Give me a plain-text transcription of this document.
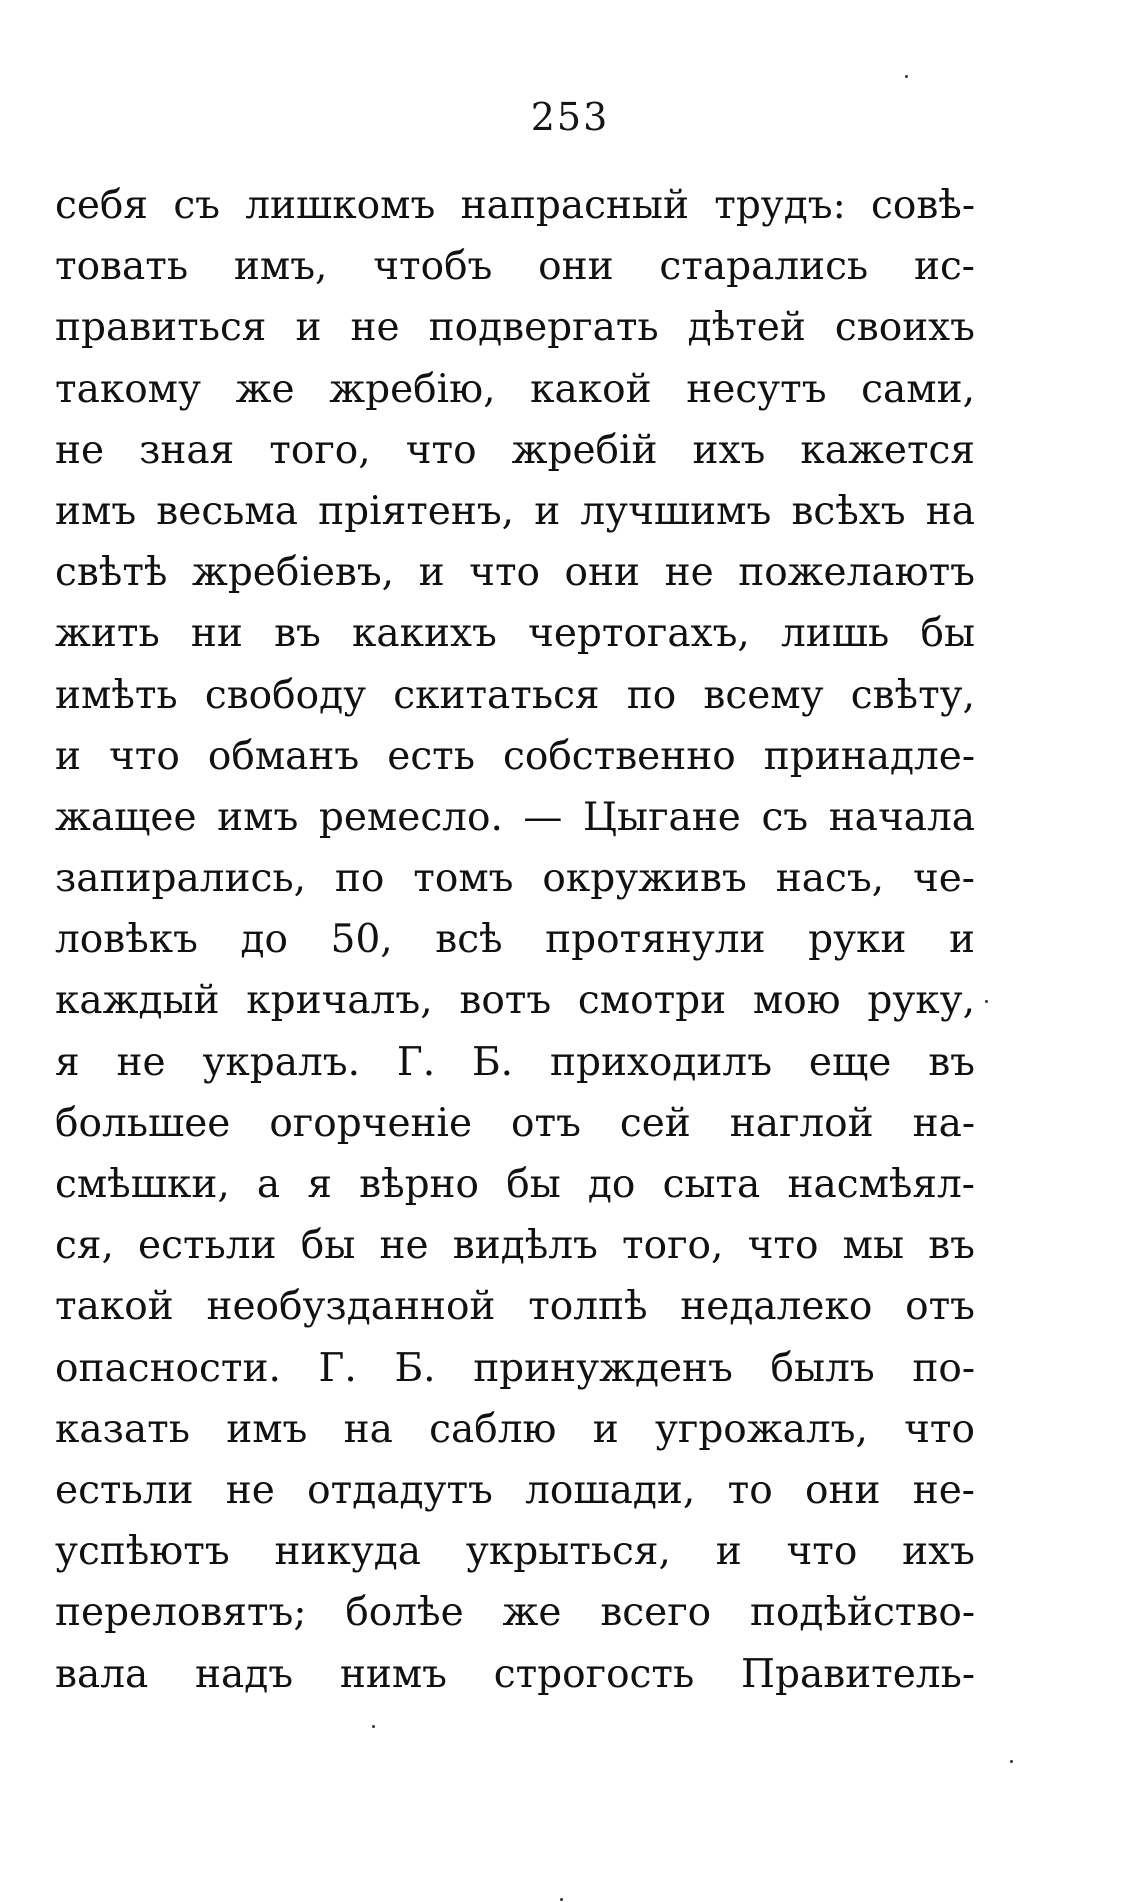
253
себя съ лишкомъ напрасный трудъ: совѣ-
товать имъ, чтобъ они старались ис-
правиться и не подвергать дѣтей своихъ
такому же жребію, какой несутъ сами,
не зная того, что жребій ихъ кажется
имъ весьма пріятенъ, и лучшимъ всѣхъ на
свѣтѣ жребіевъ, и что они не пожелаютъ
жить ни въ какихъ чертогахъ, лишь бы
имѣть свободу скитаться по всему свѣту,
и что обманъ есть собственно принадле-
жащее имъ ремесло. — Цыгане съ начала
запирались, по томъ окруживъ насъ, че-
ловѣкъ до 50, всѣ протянули руки и
каждый кричалъ, вотъ смотри мою руку,
я не укралъ. Г. Б. приходилъ еще въ
большее огорченіе отъ сей наглой на-
смѣшки, а я вѣрно бы до сыта насмѣял-
ся, естьли бы не видѣлъ того, что мы въ
такой необузданной толпѣ недалеко отъ
опасности. Г. Б. принужденъ былъ по-
казать имъ на саблю и угрожалъ, что
естьли не отдадутъ лошади, то они не-
успѣютъ никуда укрыться, и что ихъ
переловятъ; болѣе же всего подѣйство-
вала надъ нимъ строгость Правитель-
